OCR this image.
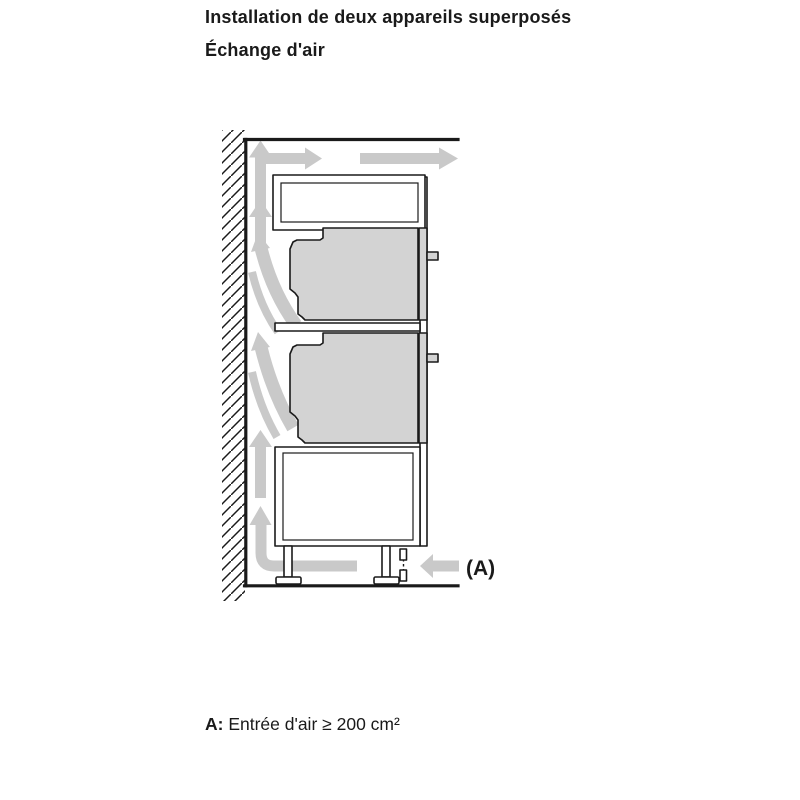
Installation de deux appareils superposés
Échange d'air
(A)
A: Entrée d'air ≥ 200 cm²
